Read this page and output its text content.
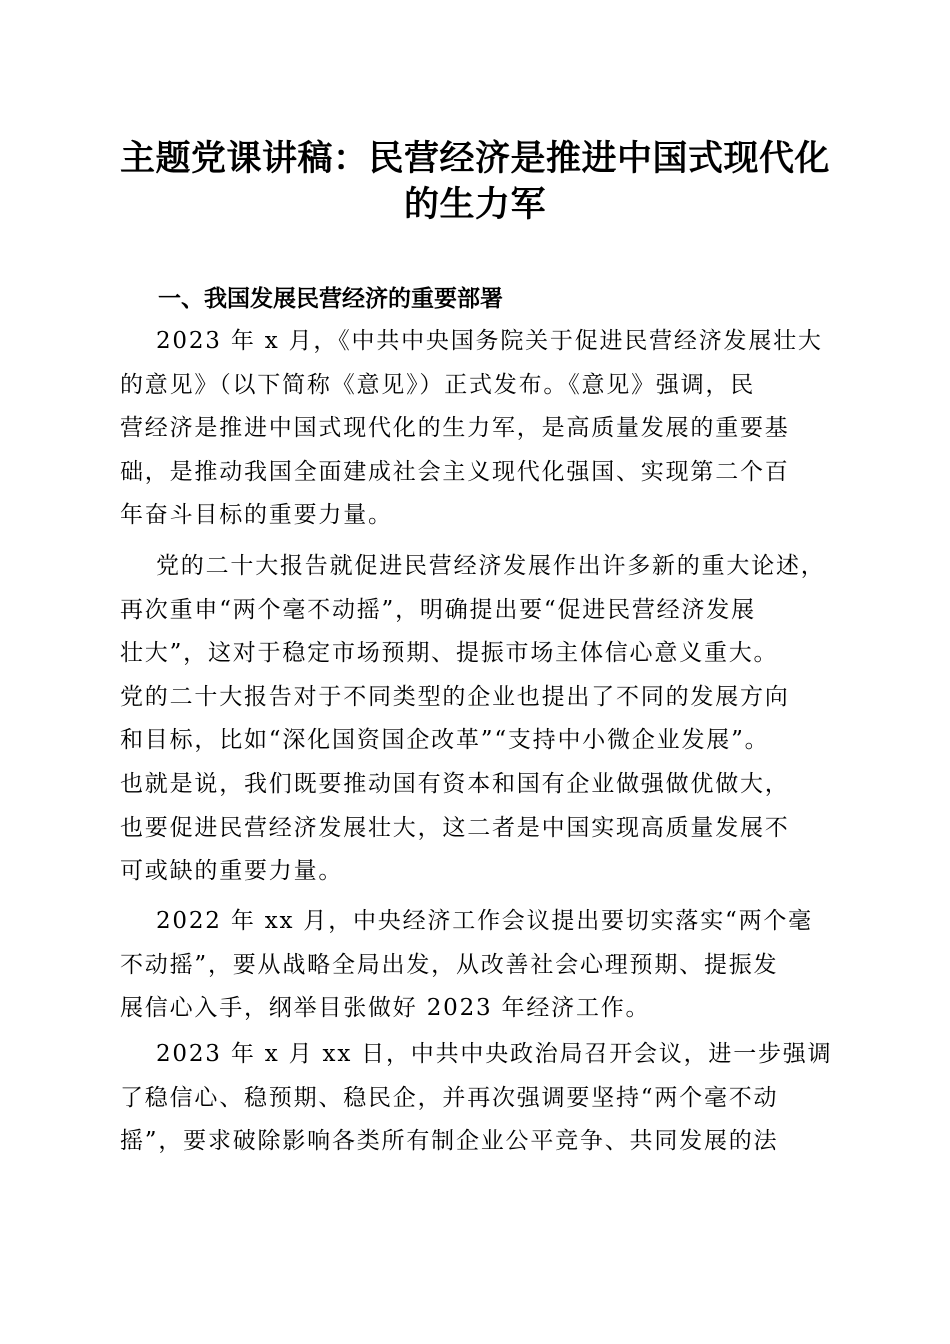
主题党课讲稿：民营经济是推进中国式现代化
的生力军
一、我国发展民营经济的重要部署
2023 年 x 月，《中共中央国务院关于促进民营经济发展壮大
的意见》（以下简称《意见》）正式发布。《意见》强调，民
营经济是推进中国式现代化的生力军，是高质量发展的重要基
础，是推动我国全面建成社会主义现代化强国、实现第二个百
年奋斗目标的重要力量。
党的二十大报告就促进民营经济发展作出许多新的重大论述，
再次重申“两个毫不动摇”，明确提出要“促进民营经济发展
壮大”，这对于稳定市场预期、提振市场主体信心意义重大。
党的二十大报告对于不同类型的企业也提出了不同的发展方向
和目标，比如“深化国资国企改革”“支持中小微企业发展”。
也就是说，我们既要推动国有资本和国有企业做强做优做大，
也要促进民营经济发展壮大，这二者是中国实现高质量发展不
可或缺的重要力量。
2022 年 xx 月，中央经济工作会议提出要切实落实“两个毫
不动摇”，要从战略全局出发，从改善社会心理预期、提振发
展信心入手，纲举目张做好 2023 年经济工作。
2023 年 x 月 xx 日，中共中央政治局召开会议，进一步强调
了稳信心、稳预期、稳民企，并再次强调要坚持“两个毫不动
摇”，要求破除影响各类所有制企业公平竞争、共同发展的法
